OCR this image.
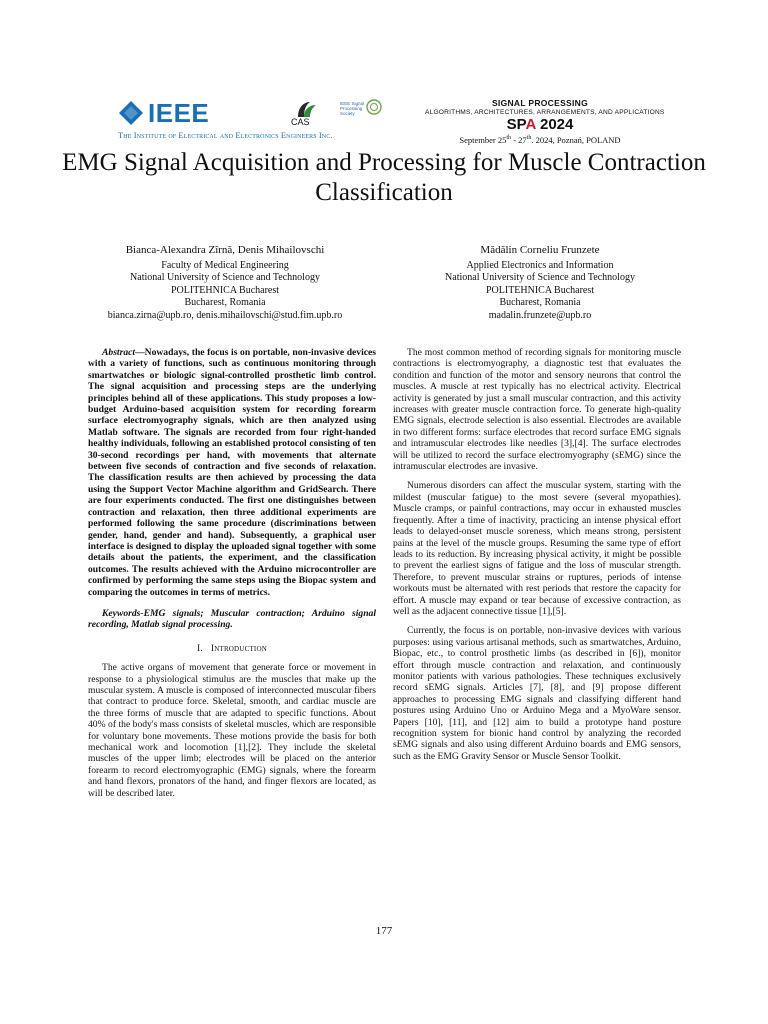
IEEE
The Institute of Electrical and Electronics Engineers Inc.
CAS
IEEE Signal Processing Society
SIGNAL PROCESSING
ALGORITHMS, ARCHITECTURES, ARRANGEMENTS, AND APPLICATIONS
SPA 2024
September 25th - 27th. 2024, Poznań, POLAND
EMG Signal Acquisition and Processing for Muscle Contraction Classification
Bianca-Alexandra Zîrnă, Denis Mihailovschi
Faculty of Medical Engineering
National University of Science and Technology
POLITEHNICA Bucharest
Bucharest, Romania
bianca.zirna@upb.ro, denis.mihailovschi@stud.fim.upb.ro
Mădălin Corneliu Frunzete
Applied Electronics and Information
National University of Science and Technology
POLITEHNICA Bucharest
Bucharest, Romania
madalin.frunzete@upb.ro

Abstract—Nowadays, the focus is on portable, non-invasive devices with a variety of functions, such as continuous monitoring through smartwatches or biologic signal-controlled prosthetic limb control. The signal acquisition and processing steps are the underlying principles behind all of these applications. This study proposes a low-budget Arduino-based acquisition system for recording forearm surface electromyography signals, which are then analyzed using Matlab software. The signals are recorded from four right-handed healthy individuals, following an established protocol consisting of ten 30-second recordings per hand, with movements that alternate between five seconds of contraction and five seconds of relaxation. The classification results are then achieved by processing the data using the Support Vector Machine algorithm and GridSearch. There are four experiments conducted. The first one distinguishes between contraction and relaxation, then three additional experiments are performed following the same procedure (discriminations between gender, hand, gender and hand). Subsequently, a graphical user interface is designed to display the uploaded signal together with some details about the patients, the experiment, and the classification outcomes. The results achieved with the Arduino microcontroller are confirmed by performing the same steps using the Biopac system and comparing the outcomes in terms of metrics.

Keywords-EMG signals; Muscular contraction; Arduino signal recording, Matlab signal processing.

I. Introduction

The active organs of movement that generate force or movement in response to a physiological stimulus are the muscles that make up the muscular system. A muscle is composed of interconnected muscular fibers that contract to produce force. Skeletal, smooth, and cardiac muscle are the three forms of muscle that are adapted to specific functions. About 40% of the body's mass consists of skeletal muscles, which are responsible for voluntary bone movements. These motions provide the basis for both mechanical work and locomotion [1],[2]. They include the skeletal muscles of the upper limb; electrodes will be placed on the anterior forearm to record electromyographic (EMG) signals, where the forearm and hand flexors, pronators of the hand, and finger flexors are located, as will be described later.

The most common method of recording signals for monitoring muscle contractions is electromyography, a diagnostic test that evaluates the condition and function of the motor and sensory neurons that control the muscles. A muscle at rest typically has no electrical activity. Electrical activity is generated by just a small muscular contraction, and this activity increases with greater muscle contraction force. To generate high-quality EMG signals, electrode selection is also essential. Electrodes are available in two different forms: surface electrodes that record surface EMG signals and intramuscular electrodes like needles [3],[4]. The surface electrodes will be utilized to record the surface electromyography (sEMG) since the intramuscular electrodes are invasive.

Numerous disorders can affect the muscular system, starting with the mildest (muscular fatigue) to the most severe (several myopathies). Muscle cramps, or painful contractions, may occur in exhausted muscles frequently. After a time of inactivity, practicing an intense physical effort leads to delayed-onset muscle soreness, which means strong, persistent pains at the level of the muscle groups. Resuming the same type of effort leads to its reduction. By increasing physical activity, it might be possible to prevent the earliest signs of fatigue and the loss of muscular strength. Therefore, to prevent muscular strains or ruptures, periods of intense workouts must be alternated with rest periods that restore the capacity for effort. A muscle may expand or tear because of excessive contraction, as well as the adjacent connective tissue [1],[5].

Currently, the focus is on portable, non-invasive devices with various purposes: using various artisanal methods, such as smartwatches, Arduino, Biopac, etc., to control prosthetic limbs (as described in [6]), monitor effort through muscle contraction and relaxation, and continuously monitor patients with various pathologies. These techniques exclusively record sEMG signals. Articles [7], [8], and [9] propose different approaches to processing EMG signals and classifying different hand postures using Arduino Uno or Arduino Mega and a MyoWare sensor. Papers [10], [11], and [12] aim to build a prototype hand posture recognition system for bionic hand control by analyzing the recorded sEMG signals and also using different Arduino boards and EMG sensors, such as the EMG Gravity Sensor or Muscle Sensor Toolkit.

177
